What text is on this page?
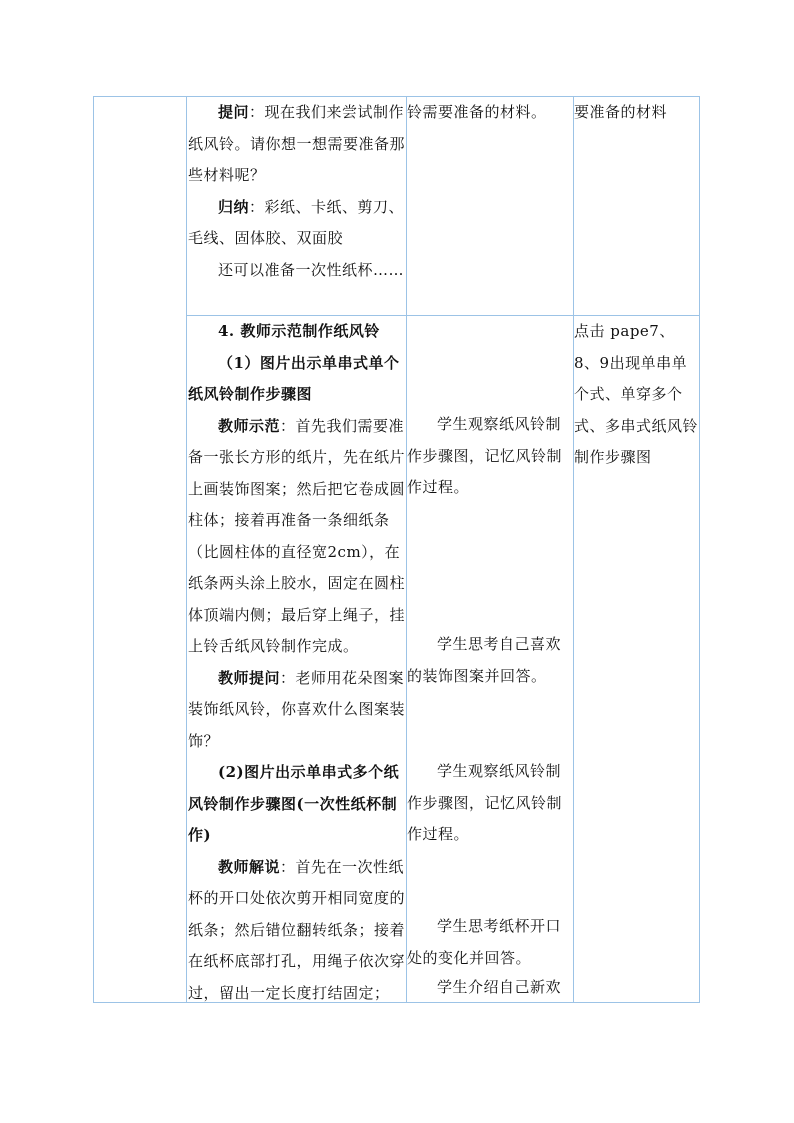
提问：现在我们来尝试制作纸风铃。请你想一想需要准备那些材料呢？

归纳：彩纸、卡纸、剪刀、毛线、固体胶、双面胶

还可以准备一次性纸杯……

铃需要准备的材料。	要准备的材料

4. 教师示范制作纸风铃

（1）图片出示单串式单个纸风铃制作步骤图

教师示范：首先我们需要准备一张长方形的纸片，先在纸片上画装饰图案；然后把它卷成圆柱体；接着再准备一条细纸条（比圆柱体的直径宽2cm），在纸条两头涂上胶水，固定在圆柱体顶端内侧；最后穿上绳子，挂上铃舌纸风铃制作完成。

教师提问：老师用花朵图案装饰纸风铃，你喜欢什么图案装饰？

(2)图片出示单串式多个纸风铃制作步骤图(一次性纸杯制作)

教师解说：首先在一次性纸杯的开口处依次剪开相同宽度的纸条；然后错位翻转纸条；接着在纸杯底部打孔，用绳子依次穿过，留出一定长度打结固定；

学生观察纸风铃制作步骤图，记忆风铃制作过程。
学生思考自己喜欢的装饰图案并回答。
学生观察纸风铃制作步骤图，记忆风铃制作过程。
学生思考纸杯开口处的变化并回答。
学生介绍自己新欢

点击 pape7、8、9出现单串单个式、单穿多个式、多串式纸风铃制作步骤图
